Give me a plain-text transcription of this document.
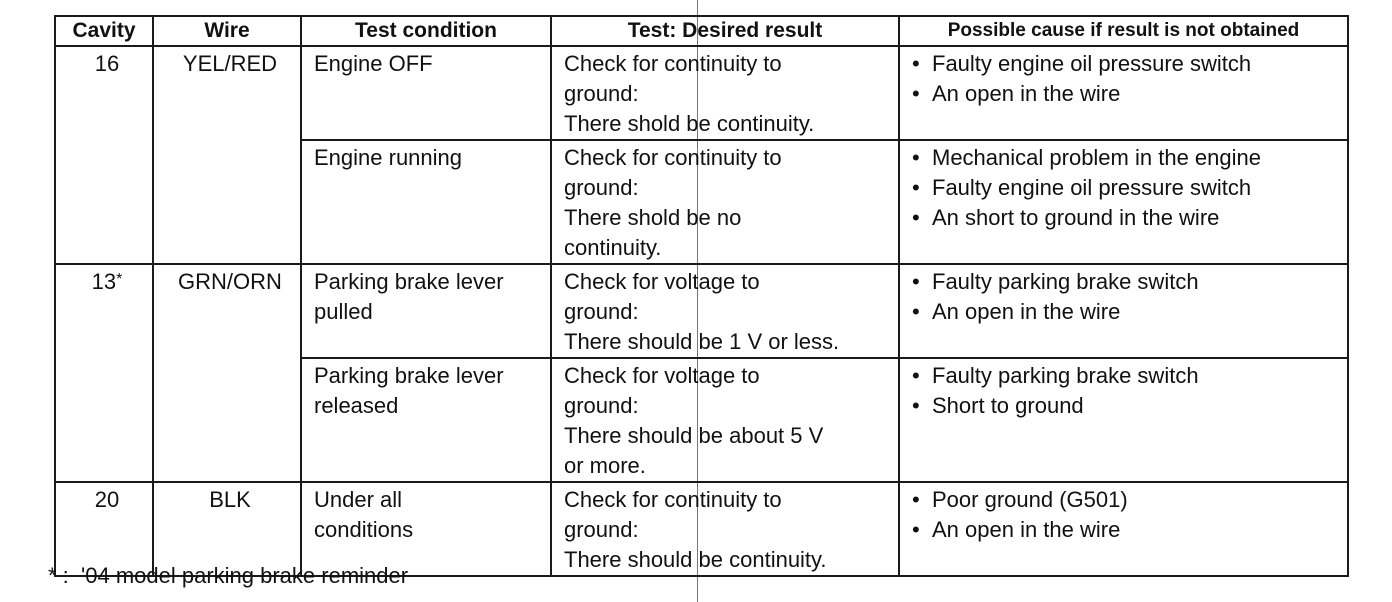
Cavity	Wire	Test condition	Test: Desired result	Possible cause if result is not obtained
16	YEL/RED	Engine OFF	Check for continuity to
ground:
There shold be continuity.	• Faulty engine oil pressure switch
• An open in the wire

		Engine running	Check for continuity to
ground:
There shold be no
continuity.	• Mechanical problem in the engine
• Faulty engine oil pressure switch
• An short to ground in the wire

13*	GRN/ORN	Parking brake lever
pulled	Check for voltage to
ground:
There should be 1 V or less.	• Faulty parking brake switch
• An open in the wire

		Parking brake lever
released	Check for voltage to
ground:
There should be about 5 V
or more.	• Faulty parking brake switch
• Short to ground

20	BLK	Under all
conditions	Check for continuity to
ground:
There should be continuity.	• Poor ground (G501)
• An open in the wire
* : '04 model parking brake reminder
